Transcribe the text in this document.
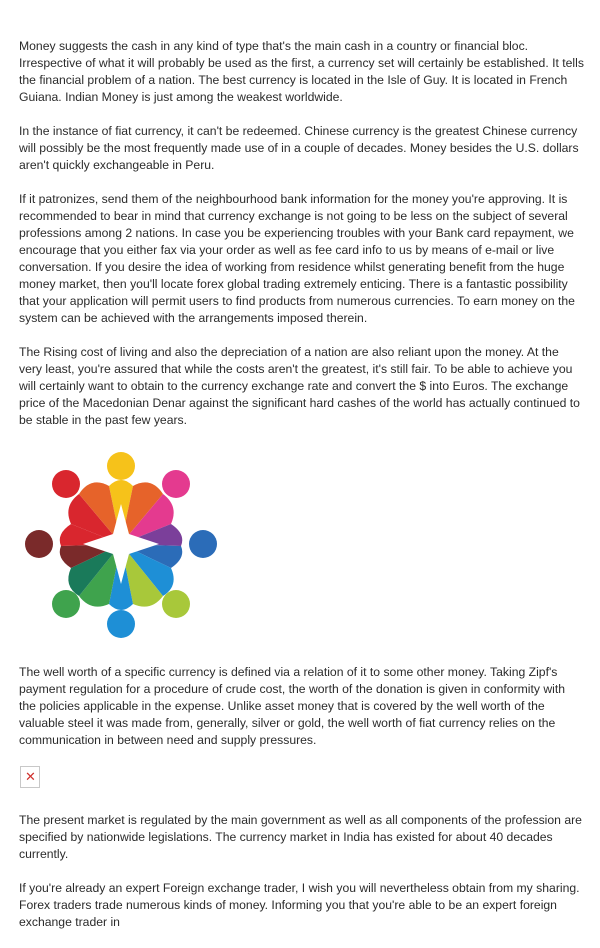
Money suggests the cash in any kind of type that's the main cash in a country or financial bloc. Irrespective of what it will probably be used as the first, a currency set will certainly be established. It tells the financial problem of a nation. The best currency is located in the Isle of Guy. It is located in French Guiana. Indian Money is just among the weakest worldwide.

In the instance of fiat currency, it can't be redeemed. Chinese currency is the greatest Chinese currency will possibly be the most frequently made use of in a couple of decades. Money besides the U.S. dollars aren't quickly exchangeable in Peru.

If it patronizes, send them of the neighbourhood bank information for the money you're approving. It is recommended to bear in mind that currency exchange is not going to be less on the subject of several professions among 2 nations. In case you be experiencing troubles with your Bank card repayment, we encourage that you either fax via your order as well as fee card info to us by means of e-mail or live conversation. If you desire the idea of working from residence whilst generating benefit from the huge money market, then you'll locate forex global trading extremely enticing. There is a fantastic possibility that your application will permit users to find products from numerous currencies. To earn money on the system can be achieved with the arrangements imposed therein.

The Rising cost of living and also the depreciation of a nation are also reliant upon the money. At the very least, you're assured that while the costs aren't the greatest, it's still fair. To be able to achieve you will certainly want to obtain to the currency exchange rate and convert the $ into Euros. The exchange price of the Macedonian Denar against the significant hard cashes of the world has actually continued to be stable in the past few years.

The well worth of a specific currency is defined via a relation of it to some other money. Taking Zipf's payment regulation for a procedure of crude cost, the worth of the donation is given in conformity with the policies applicable in the expense. Unlike asset money that is covered by the well worth of the valuable steel it was made from, generally, silver or gold, the well worth of fiat currency relies on the communication in between need and supply pressures.

✕

The present market is regulated by the main government as well as all components of the profession are specified by nationwide legislations. The currency market in India has existed for about 40 decades currently.

If you're already an expert Foreign exchange trader, I wish you will nevertheless obtain from my sharing. Forex traders trade numerous kinds of money. Informing you that you're able to be an expert foreign exchange trader in
